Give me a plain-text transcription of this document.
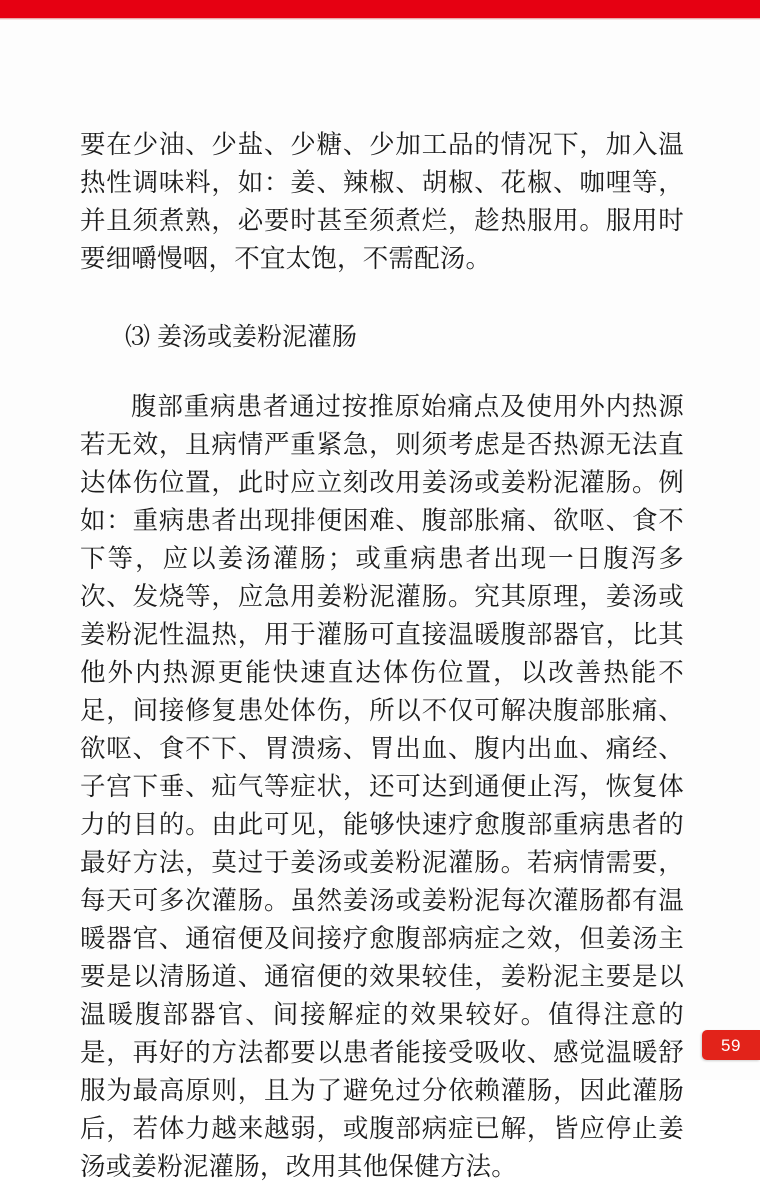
要在少油、少盐、少糖、少加工品的情况下，加入温热性调味料，如：姜、辣椒、胡椒、花椒、咖哩等，并且须煮熟，必要时甚至须煮烂，趁热服用。服用时要细嚼慢咽，不宜太饱，不需配汤。

⑶ 姜汤或姜粉泥灌肠

腹部重病患者通过按推原始痛点及使用外内热源若无效，且病情严重紧急，则须考虑是否热源无法直达体伤位置，此时应立刻改用姜汤或姜粉泥灌肠。例如：重病患者出现排便困难、腹部胀痛、欲呕、食不下等，应以姜汤灌肠；或重病患者出现一日腹泻多次、发烧等，应急用姜粉泥灌肠。究其原理，姜汤或姜粉泥性温热，用于灌肠可直接温暖腹部器官，比其他外内热源更能快速直达体伤位置，以改善热能不足，间接修复患处体伤，所以不仅可解决腹部胀痛、欲呕、食不下、胃溃疡、胃出血、腹内出血、痛经、子宫下垂、疝气等症状，还可达到通便止泻，恢复体力的目的。由此可见，能够快速疗愈腹部重病患者的最好方法，莫过于姜汤或姜粉泥灌肠。若病情需要，每天可多次灌肠。虽然姜汤或姜粉泥每次灌肠都有温暖器官、通宿便及间接疗愈腹部病症之效，但姜汤主要是以清肠道、通宿便的效果较佳，姜粉泥主要是以温暖腹部器官、间接解症的效果较好。值得注意的是，再好的方法都要以患者能接受吸收、感觉温暖舒服为最高原则，且为了避免过分依赖灌肠，因此灌肠后，若体力越来越弱，或腹部病症已解，皆应停止姜汤或姜粉泥灌肠，改用其他保健方法。

59
